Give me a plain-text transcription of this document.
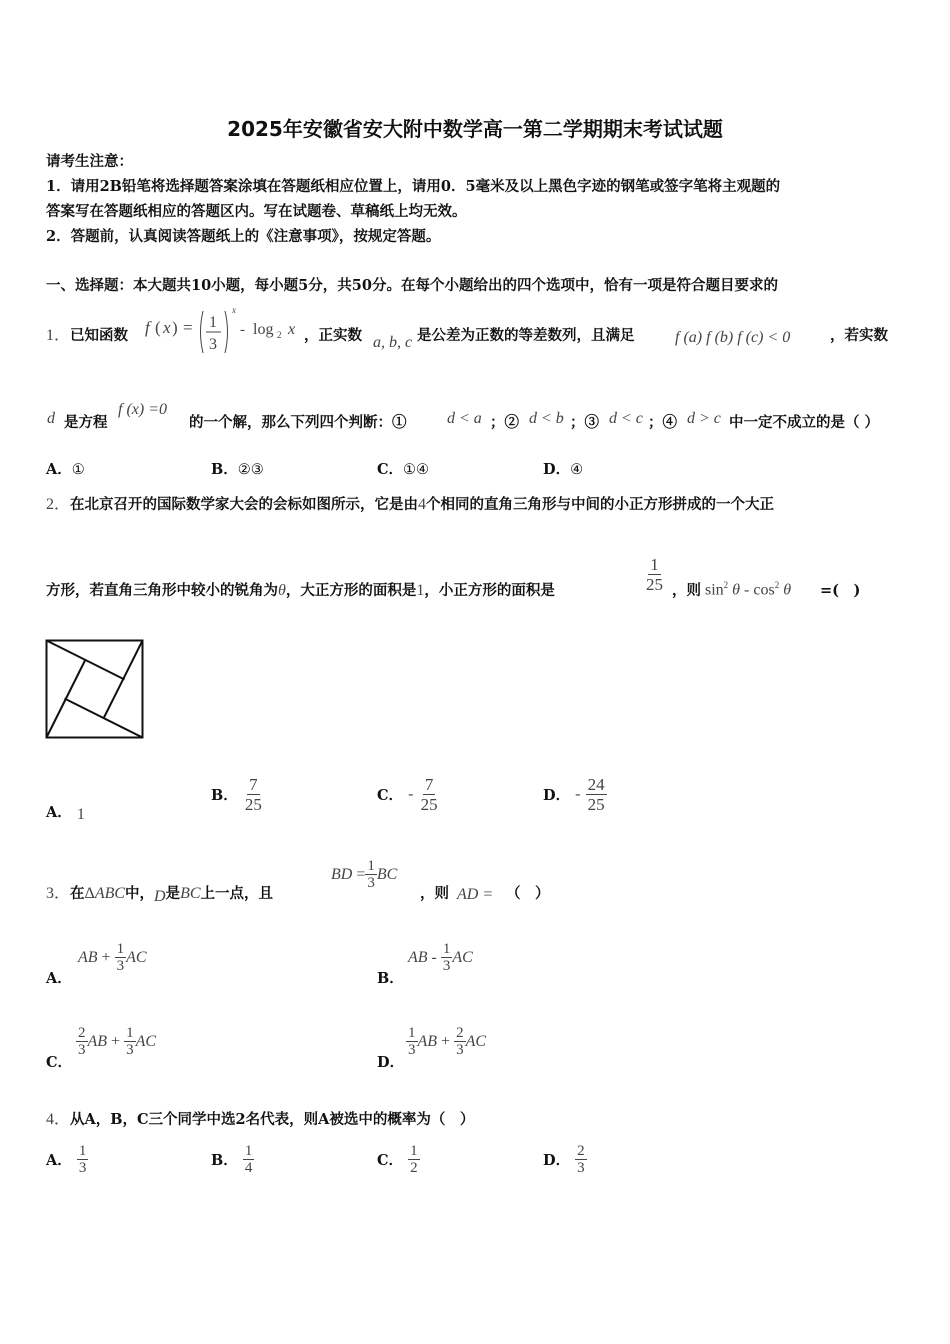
2025年安徽省安大附中数学高一第二学期期末考试试题
请考生注意：
1．请用2B铅笔将选择题答案涂填在答题纸相应位置上，请用0．5毫米及以上黑色字迹的钢笔或签字笔将主观题的
答案写在答题纸相应的答题区内。写在试题卷、草稿纸上均无效。
2．答题前，认真阅读答题纸上的《注意事项》，按规定答题。
一、选择题：本大题共10小题，每小题5分，共50分。在每个小题给出的四个选项中，恰有一项是符合题目要求的
1．已知函数 f ( x ) = 1
3
x
- log 2 x ，正实数 a, b, c 是公差为正数的等差数列，且满足	f (a) f (b) f (c) < 0	，若实数
d 是方程
f (x) =0
的一个解，那么下列四个判断：①	d < a ；② d < b ；③ d < c ；④ d > c 中一定不成立的是（ ）
A．①	B．②③	C．①④	D．④
2．在北京召开的国际数学家大会的会标如图所示，它是由4个相同的直角三角形与中间的小正方形拼成的一个大正
方形，若直角三角形中较小的锐角为θ，大正方形的面积是1，小正方形的面积是	$\frac{1}{25}$ ，则 $\sin^2 \theta - \cos^2 \theta$ =(　)
A． 1
B． $\frac{7}{25}$	C． - $\frac{7}{25}$	D． - $\frac{24}{25}$
3．在ΔABC中，D是BC上一点，且
BD = $\frac{1}{3}$ BC
，则 AD = （　）
A．
AB + $\frac{1}{3}$ AC
B．
AB - $\frac{1}{3}$ AC
C．
$\frac{2}{3}$ AB + $\frac{1}{3}$ AC
D．
$\frac{1}{3}$ AB + $\frac{2}{3}$ AC
4．从A，B，C三个同学中选2名代表，则A被选中的概率为（　）
A． $\frac{1}{3}$	B． $\frac{1}{4}$	C． $\frac{1}{2}$	D． $\frac{2}{3}$
